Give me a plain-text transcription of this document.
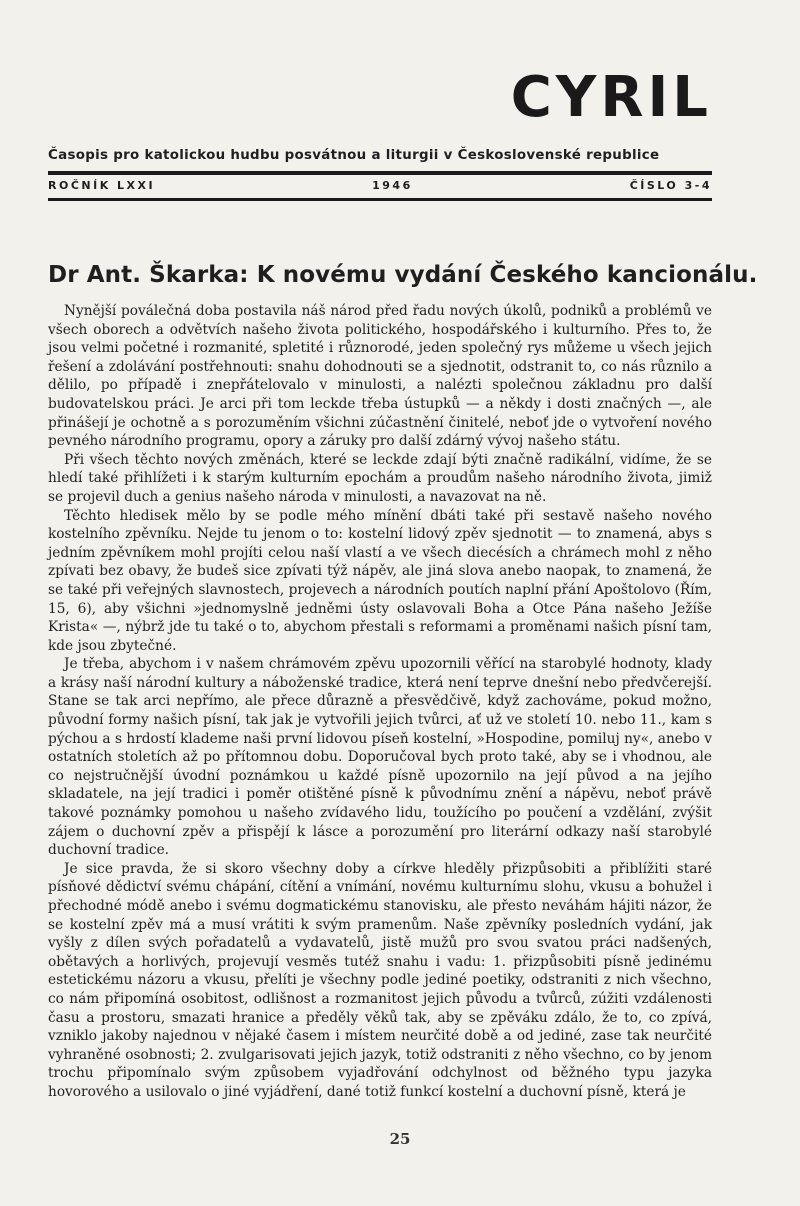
CYRIL
Časopis pro katolickou hudbu posvátnou a liturgii v Československé republice
ROČNÍK LXXI	1946	ČÍSLO 3-4
Dr Ant. Škarka: K novému vydání Českého kancionálu.

Nynější poválečná doba postavila náš národ před řadu nových úkolů, podniků a problémů ve všech oborech a odvětvích našeho života politického, hospodářského i kulturního. Přes to, že jsou velmi početné i rozmanité, spletité i různorodé, jeden společný rys můžeme u všech jejich řešení a zdolávání postřehnouti: snahu dohodnouti se a sjednotit, odstranit to, co nás různilo a dělilo, po případě i znepřátelovalo v minulosti, a nalézti společnou základnu pro další budovatelskou práci. Je arci při tom leckde třeba ústupků — a někdy i dosti značných —, ale přinášejí je ochotně a s porozuměním všichni zúčastnění činitelé, neboť jde o vytvoření nového pevného národního programu, opory a záruky pro další zdárný vývoj našeho státu.

Při všech těchto nových změnách, které se leckde zdají býti značně radikální, vidíme, že se hledí také přihlížeti i k starým kulturním epochám a proudům našeho národního života, jimiž se projevil duch a genius našeho národa v minulosti, a navazovat na ně.

Těchto hledisek mělo by se podle mého mínění dbáti také při sestavě našeho nového kostelního zpěvníku. Nejde tu jenom o to: kostelní lidový zpěv sjednotit — to znamená, abys s jedním zpěvníkem mohl projíti celou naší vlastí a ve všech diecésích a chrámech mohl z něho zpívati bez obavy, že budeš sice zpívati týž nápěv, ale jiná slova anebo naopak, to znamená, že se také při veřejných slavnostech, projevech a národních poutích naplní přání Apoštolovo (Řím, 15, 6), aby všichni »jednomyslně jedněmi ústy oslavovali Boha a Otce Pána našeho Ježíše Krista« —, nýbrž jde tu také o to, abychom přestali s reformami a proměnami našich písní tam, kde jsou zbytečné.

Je třeba, abychom i v našem chrámovém zpěvu upozornili věřící na starobylé hodnoty, klady a krásy naší národní kultury a náboženské tradice, která není teprve dnešní nebo předvčerejší. Stane se tak arci nepřímo, ale přece důrazně a přesvědčivě, když zachováme, pokud možno, původní formy našich písní, tak jak je vytvořili jejich tvůrci, ať už ve století 10. nebo 11., kam s pýchou a s hrdostí klademe naši první lidovou píseň kostelní, »Hospodine, pomiluj ny«, anebo v ostatních stoletích až po přítomnou dobu. Doporučoval bych proto také, aby se i vhodnou, ale co nejstručnější úvodní poznámkou u každé písně upozornilo na její původ a na jejího skladatele, na její tradici i poměr otištěné písně k původnímu znění a nápěvu, neboť právě takové poznámky pomohou u našeho zvídavého lidu, toužícího po poučení a vzdělání, zvýšit zájem o duchovní zpěv a přispějí k lásce a porozumění pro literární odkazy naší starobylé duchovní tradice.

Je sice pravda, že si skoro všechny doby a církve hleděly přizpůsobiti a přiblížiti staré písňové dědictví svému chápání, cítění a vnímání, novému kulturnímu slohu, vkusu a bohužel i přechodné módě anebo i svému dogmatickému stanovisku, ale přesto neváhám hájiti názor, že se kostelní zpěv má a musí vrátiti k svým pramenům. Naše zpěvníky posledních vydání, jak vyšly z dílen svých pořadatelů a vydavatelů, jistě mužů pro svou svatou práci nadšených, obětavých a horlivých, projevují vesměs tutéž snahu i vadu: 1. přizpůsobiti písně jedinému estetickému názoru a vkusu, přelíti je všechny podle jediné poetiky, odstraniti z nich všechno, co nám připomíná osobitost, odlišnost a rozmanitost jejich původu a tvůrců, zúžiti vzdálenosti času a prostoru, smazati hranice a předěly věků tak, aby se zpěváku zdálo, že to, co zpívá, vzniklo jakoby najednou v nějaké časem i místem neurčité době a od jediné, zase tak neurčité vyhraněné osobnosti; 2. zvulgarisovati jejich jazyk, totiž odstraniti z něho všechno, co by jenom trochu připomínalo svým způsobem vyjadřování odchylnost od běžného typu jazyka hovorového a usilovalo o jiné vyjádření, dané totiž funkcí kostelní a duchovní písně, která je

25
